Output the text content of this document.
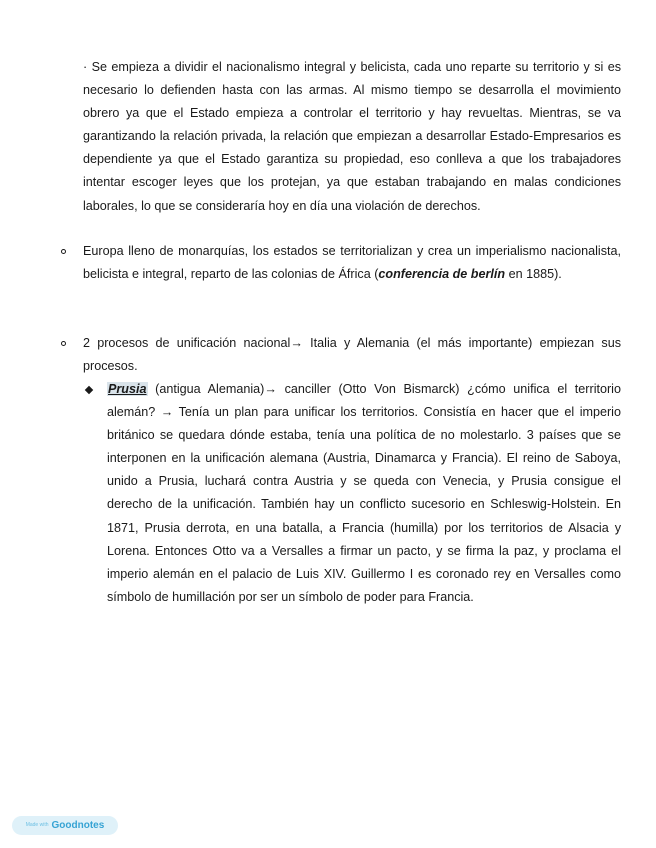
· Se empieza a dividir el nacionalismo integral y belicista, cada uno reparte su territorio y si es necesario lo defienden hasta con las armas. Al mismo tiempo se desarrolla el movimiento obrero ya que el Estado empieza a controlar el territorio y hay revueltas. Mientras, se va garantizando la relación privada, la relación que empiezan a desarrollar Estado-Empresarios es dependiente ya que el Estado garantiza su propiedad, eso conlleva a que los trabajadores intentar escoger leyes que los protejan, ya que estaban trabajando en malas condiciones laborales, lo que se consideraría hoy en día una violación de derechos.
Europa lleno de monarquías, los estados se territorializan y crea un imperialismo nacionalista, belicista e integral, reparto de las colonias de África (conferencia de berlín en 1885).
2 procesos de unificación nacional→ Italia y Alemania (el más importante) empiezan sus procesos.
Prusia (antigua Alemania)→ canciller (Otto Von Bismarck) ¿cómo unifica el territorio alemán? → Tenía un plan para unificar los territorios. Consistía en hacer que el imperio británico se quedara dónde estaba, tenía una política de no molestarlo. 3 países que se interponen en la unificación alemana (Austria, Dinamarca y Francia). El reino de Saboya, unido a Prusia, luchará contra Austria y se queda con Venecia, y Prusia consigue el derecho de la unificación. También hay un conflicto sucesorio en Schleswig-Holstein. En 1871, Prusia derrota, en una batalla, a Francia (humilla) por los territorios de Alsacia y Lorena. Entonces Otto va a Versalles a firmar un pacto, y se firma la paz, y proclama el imperio alemán en el palacio de Luis XIV. Guillermo I es coronado rey en Versalles como símbolo de humillación por ser un símbolo de poder para Francia.
Made with Goodnotes
